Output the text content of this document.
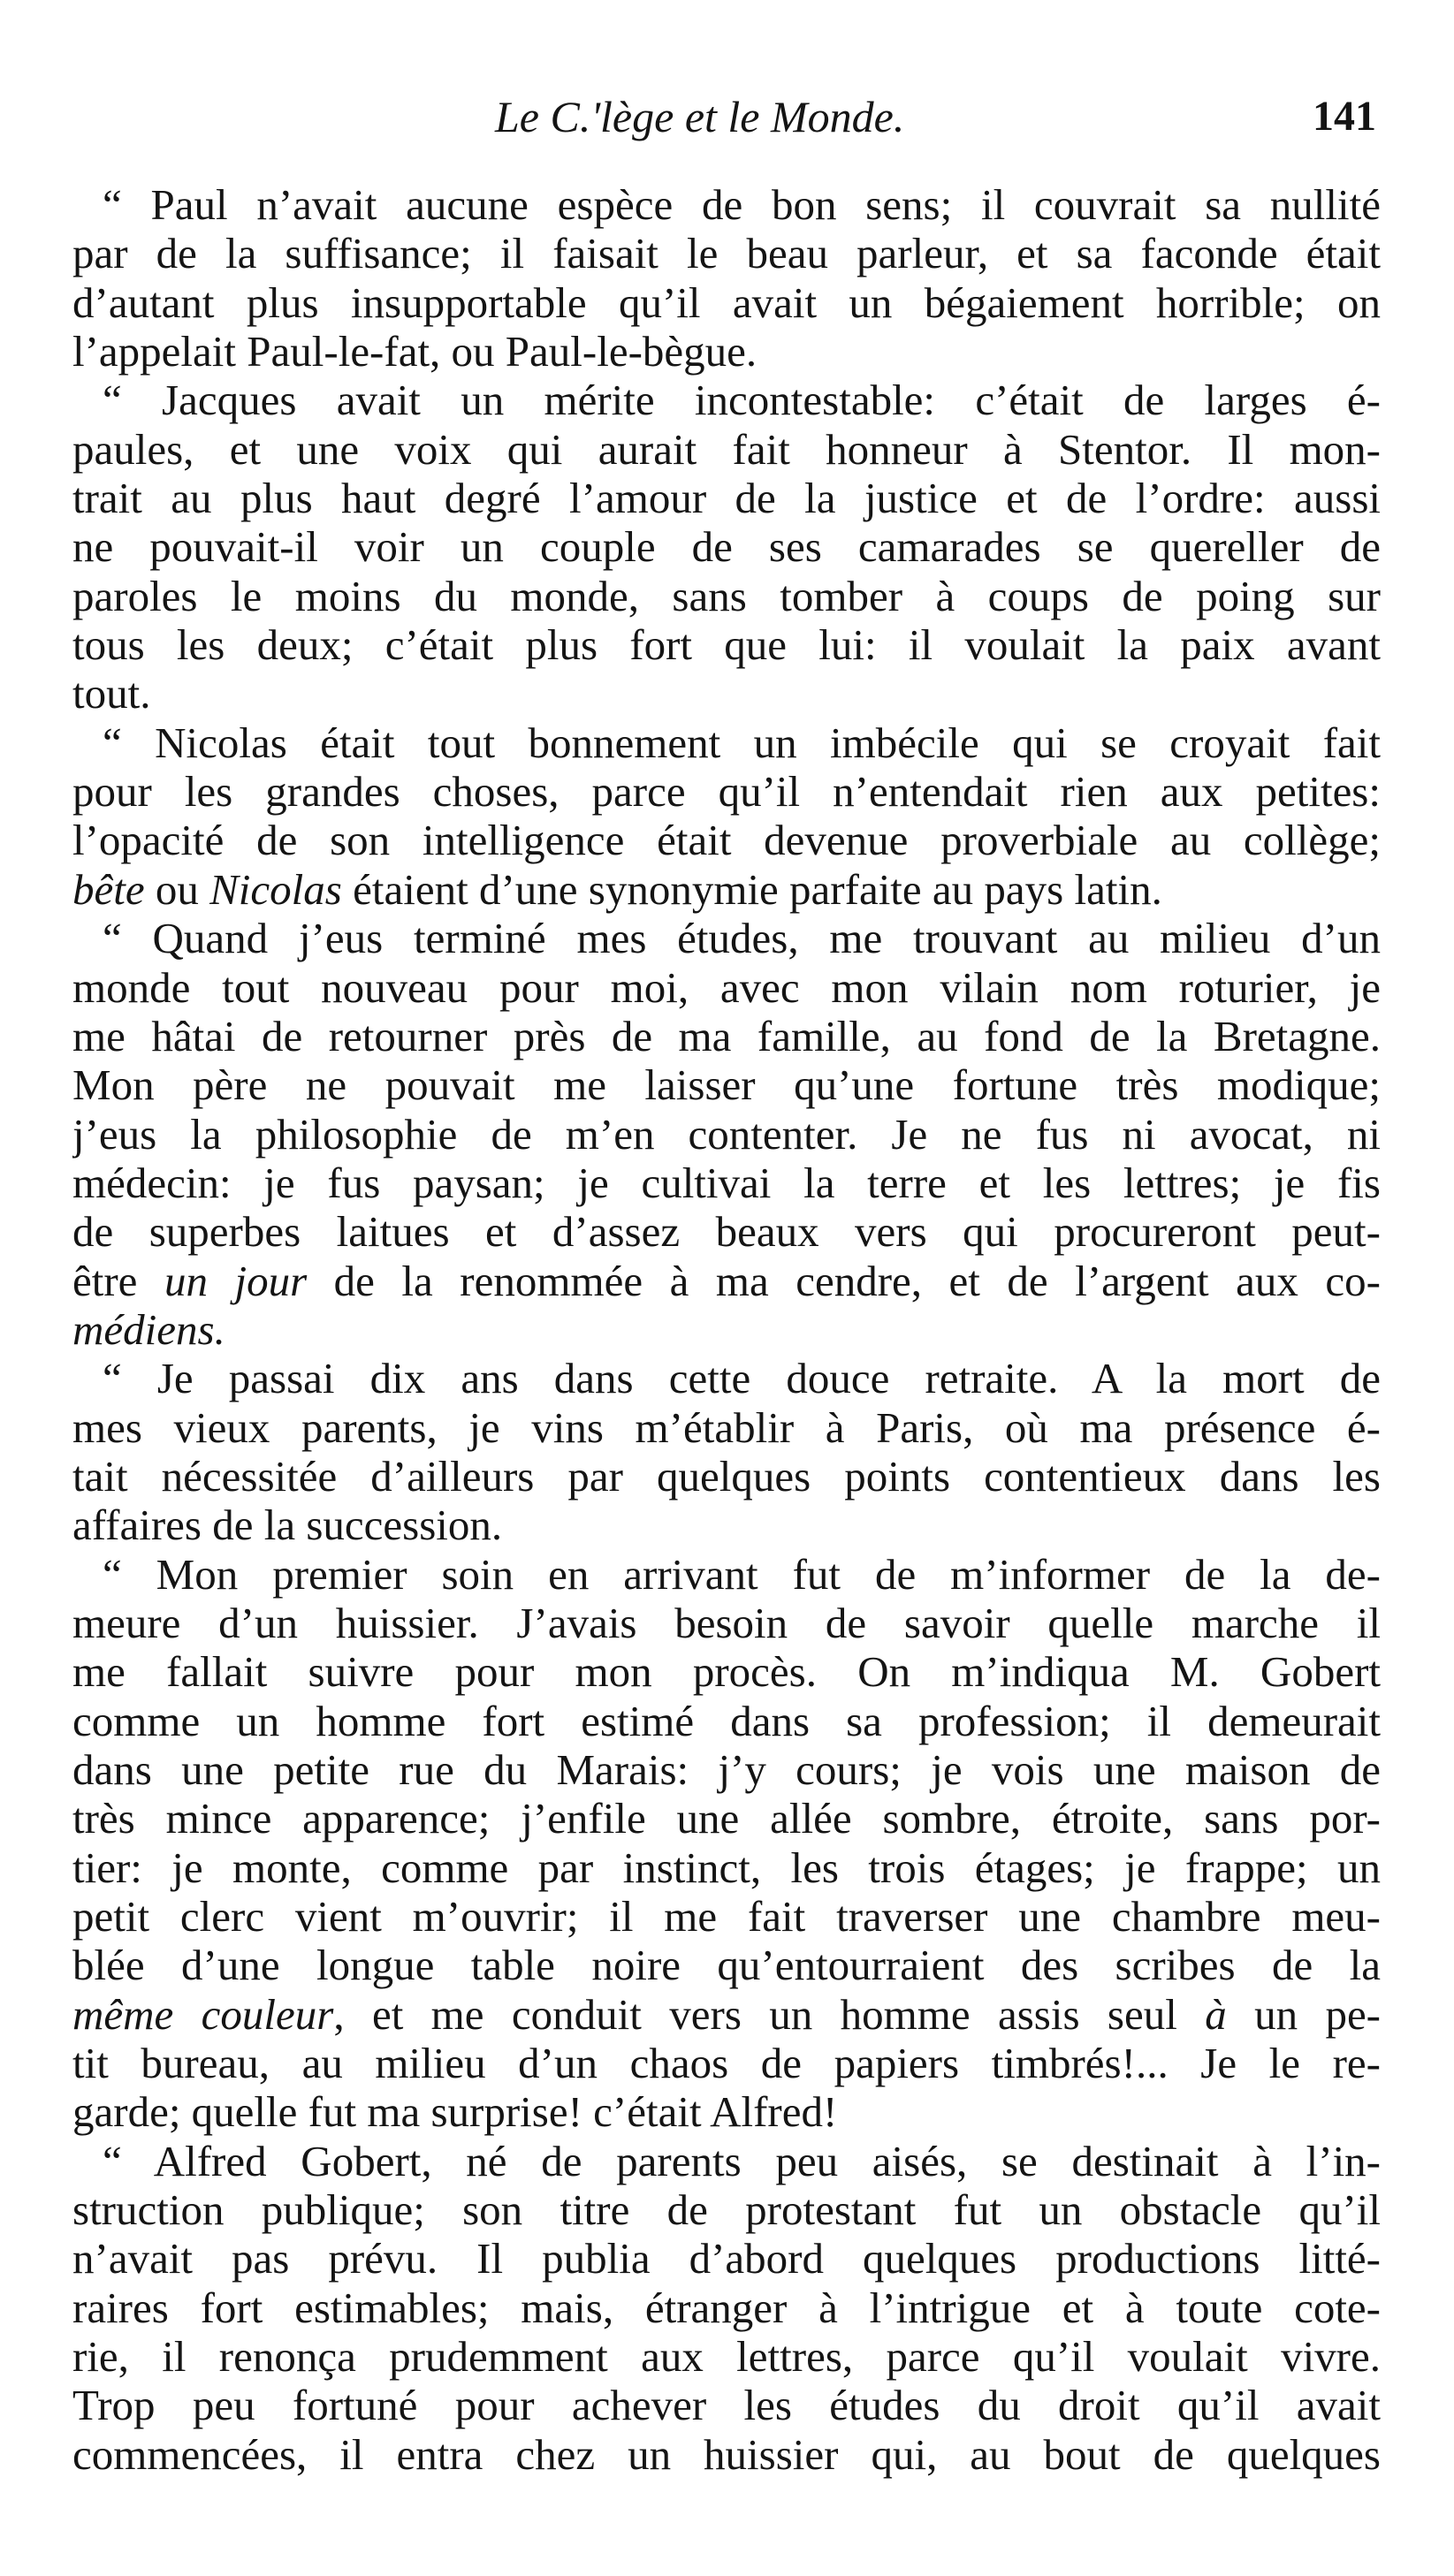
Le C.'lège et le Monde.	141
“ Paul n’avait aucune espèce de bon sens; il couvrait sa nullité
par de la suffisance; il faisait le beau parleur, et sa faconde était
d’autant plus insupportable qu’il avait un bégaiement horrible; on
l’appelait Paul-le-fat, ou Paul-le-bègue.
“ Jacques avait un mérite incontestable: c’était de larges é-
paules, et une voix qui aurait fait honneur à Stentor. Il mon-
trait au plus haut degré l’amour de la justice et de l’ordre: aussi
ne pouvait-il voir un couple de ses camarades se quereller de
paroles le moins du monde, sans tomber à coups de poing sur
tous les deux; c’était plus fort que lui: il voulait la paix avant
tout.
“ Nicolas était tout bonnement un imbécile qui se croyait fait
pour les grandes choses, parce qu’il n’entendait rien aux petites:
l’opacité de son intelligence était devenue proverbiale au collège;
bête ou Nicolas étaient d’une synonymie parfaite au pays latin.
“ Quand j’eus terminé mes études, me trouvant au milieu d’un
monde tout nouveau pour moi, avec mon vilain nom roturier, je
me hâtai de retourner près de ma famille, au fond de la Bretagne.
Mon père ne pouvait me laisser qu’une fortune très modique;
j’eus la philosophie de m’en contenter. Je ne fus ni avocat, ni
médecin: je fus paysan; je cultivai la terre et les lettres; je fis
de superbes laitues et d’assez beaux vers qui procureront peut-
être un jour de la renommée à ma cendre, et de l’argent aux co-
médiens.
“ Je passai dix ans dans cette douce retraite. A la mort de
mes vieux parents, je vins m’établir à Paris, où ma présence é-
tait nécessitée d’ailleurs par quelques points contentieux dans les
affaires de la succession.
“ Mon premier soin en arrivant fut de m’informer de la de-
meure d’un huissier. J’avais besoin de savoir quelle marche il
me fallait suivre pour mon procès. On m’indiqua M. Gobert
comme un homme fort estimé dans sa profession; il demeurait
dans une petite rue du Marais: j’y cours; je vois une maison de
très mince apparence; j’enfile une allée sombre, étroite, sans por-
tier: je monte, comme par instinct, les trois étages; je frappe; un
petit clerc vient m’ouvrir; il me fait traverser une chambre meu-
blée d’une longue table noire qu’entourraient des scribes de la
même couleur, et me conduit vers un homme assis seul à un pe-
tit bureau, au milieu d’un chaos de papiers timbrés!... Je le re-
garde; quelle fut ma surprise! c’était Alfred!
“ Alfred Gobert, né de parents peu aisés, se destinait à l’in-
struction publique; son titre de protestant fut un obstacle qu’il
n’avait pas prévu. Il publia d’abord quelques productions litté-
raires fort estimables; mais, étranger à l’intrigue et à toute cote-
rie, il renonça prudemment aux lettres, parce qu’il voulait vivre.
Trop peu fortuné pour achever les études du droit qu’il avait
commencées, il entra chez un huissier qui, au bout de quelques
